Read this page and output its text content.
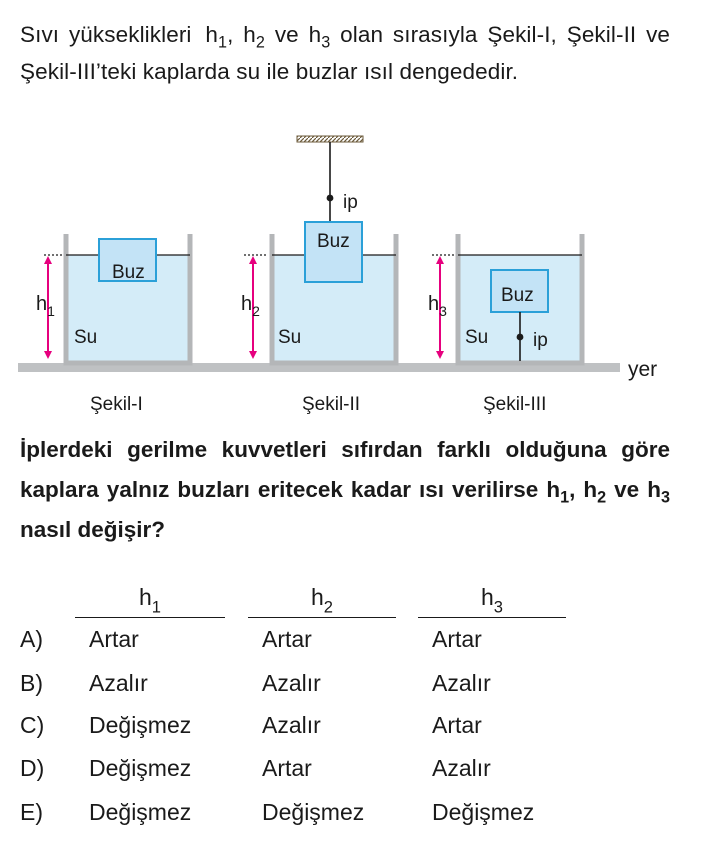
Sıvı yükseklikleri $h_1$, $h_2$ ve $h_3$ olan sırasıyla Şekil-I, Şekil-II ve Şekil-III’teki kaplarda su ile buzlar ısıl dengededir.
yer
Buz
Su
$h_1$
Şekil-I
ip
Buz
Su
$h_2$
Şekil-II
Buz
ip
Su
$h_3$
Şekil-III
İplerdeki gerilme kuvvetleri sıfırdan farklı olduğuna göre kaplara yalnız buzları eritecek kadar ısı verilirse $h_1$, $h_2$ ve $h_3$ nasıl değişir?
$h_1$	$h_2$	$h_3$
A) Artar	Artar	Artar
B) Azalır	Azalır	Azalır
C) Değişmez	Azalır	Artar
D) Değişmez	Artar	Azalır
E) Değişmez	Değişmez	Değişmez
